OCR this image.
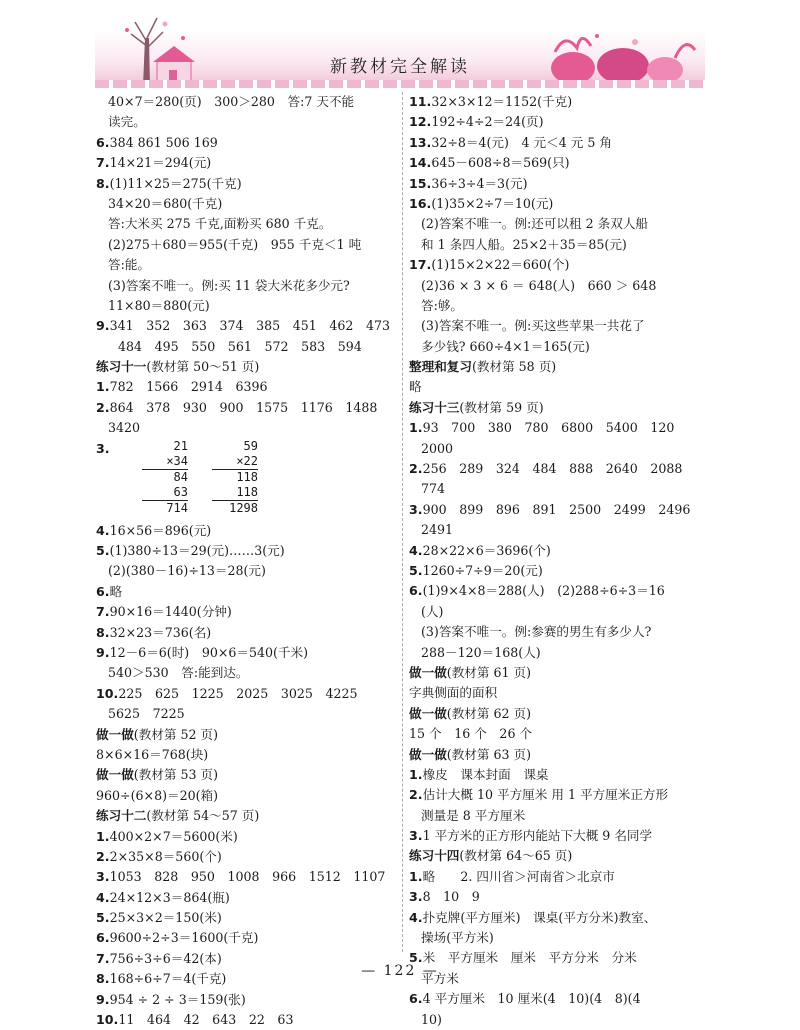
新教材完全解读
40×7＝280(页)　300＞280　答:7 天不能
读完。
6.384 861 506 169
7.14×21＝294(元)
8.(1)11×25＝275(千克)
34×20＝680(千克)
答:大米买 275 千克,面粉买 680 千克。
(2)275＋680＝955(千克)　955 千克＜1 吨
答:能。
(3)答案不唯一。例:买 11 袋大米花多少元?
11×80＝880(元)
9.341　352　363　374　385　451　462　473
484　495　550　561　572　583　594
练习十一(教材第 50～51 页)
1.782　1566　2914　6396
2.864　378　930　900　1575　1176　1488
3420
3.	21
×34
84
63
714
59
×22
118
118
1298
4.16×56＝896(元)
5.(1)380÷13＝29(元)……3(元)
(2)(380－16)÷13＝28(元)
6.略
7.90×16＝1440(分钟)
8.32×23＝736(名)
9.12－6＝6(时)　90×6＝540(千米)
540＞530　答:能到达。
10.225　625　1225　2025　3025　4225
5625　7225
做一做(教材第 52 页)
8×6×16＝768(块)
做一做(教材第 53 页)
960÷(6×8)＝20(箱)
练习十二(教材第 54～57 页)
1.400×2×7＝5600(米)
2.2×35×8＝560(个)
3.1053　828　950　1008　966　1512　1107
4.24×12×3＝864(瓶)
5.25×3×2＝150(米)
6.9600÷2÷3＝1600(千克)
7.756÷3÷6＝42(本)
8.168÷6÷7＝4(千克)
9.954 ÷ 2 ÷ 3＝159(张)
10.11　464　42　643　22　63
11.32×3×12＝1152(千克)
12.192÷4÷2＝24(页)
13.32÷8＝4(元)　4 元＜4 元 5 角
14.645－608÷8＝569(只)
15.36÷3÷4＝3(元)
16.(1)35×2÷7＝10(元)
(2)答案不唯一。例:还可以租 2 条双人船
和 1 条四人船。25×2＋35＝85(元)
17.(1)15×2×22＝660(个)
(2)36 × 3 × 6 ＝ 648(人)　660 ＞ 648
答:够。
(3)答案不唯一。例:买这些苹果一共花了
多少钱? 660÷4×1＝165(元)
整理和复习(教材第 58 页)
略
练习十三(教材第 59 页)
1.93　700　380　780　6800　5400　120
2000
2.256　289　324　484　888　2640　2088
774
3.900　899　896　891　2500　2499　2496
2491
4.28×22×6＝3696(个)
5.1260÷7÷9＝20(元)
6.(1)9×4×8＝288(人)　(2)288÷6÷3＝16
(人)
(3)答案不唯一。例:参赛的男生有多少人?
288－120＝168(人)
做一做(教材第 61 页)
字典侧面的面积
做一做(教材第 62 页)
15 个　16 个　26 个
做一做(教材第 63 页)
1.橡皮　课本封面　课桌
2.估计大概 10 平方厘米 用 1 平方厘米正方形
测量是 8 平方厘米
3.1 平方米的正方形内能站下大概 9 名同学
练习十四(教材第 64～65 页)
1.略　　2. 四川省＞河南省＞北京市
3.8　10　9
4.扑克牌(平方厘米)　课桌(平方分米)教室、
操场(平方米)
5.米　平方厘米　厘米　平方分米　分米
平方米
6.4 平方厘米　10 厘米(4　10)(4　8)(4
10)
— 122 —
